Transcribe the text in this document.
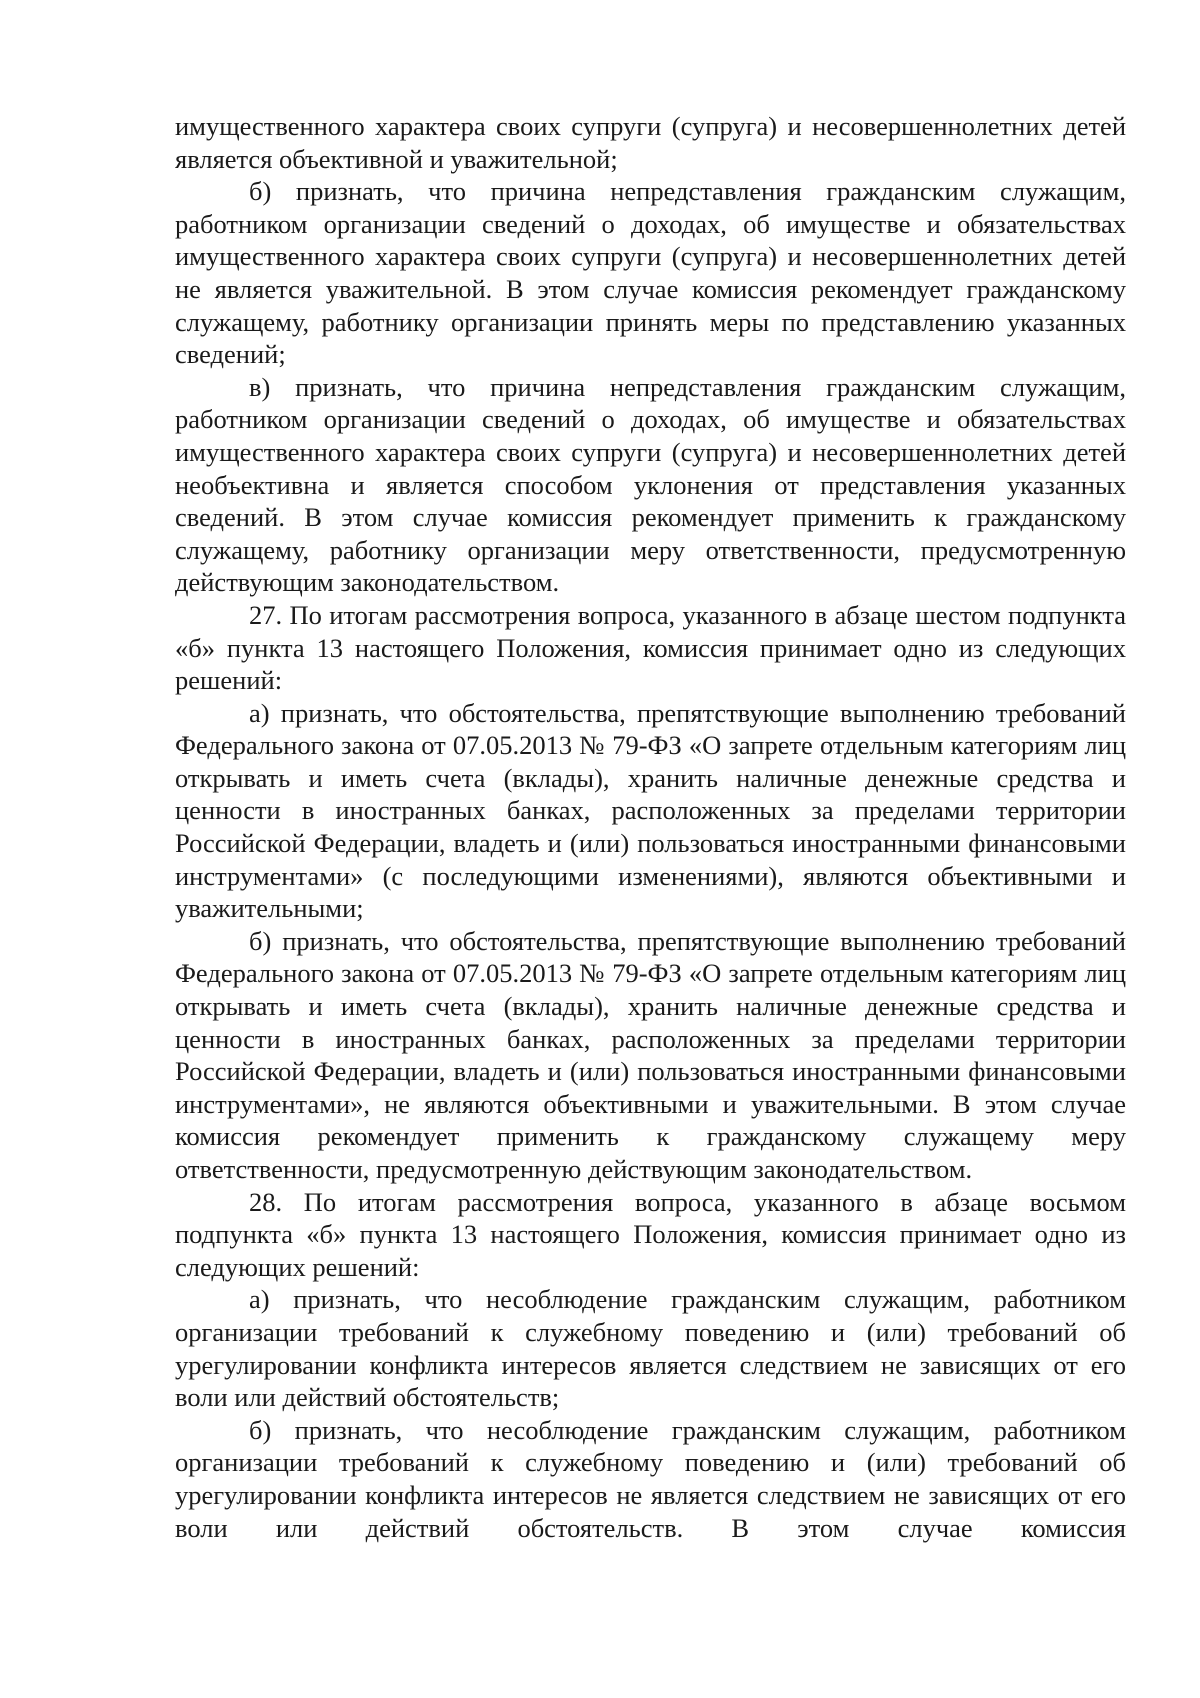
имущественного характера своих супруги (супруга) и несовершеннолетних детей является объективной и уважительной;

б) признать, что причина непредставления гражданским служащим, работником организации сведений о доходах, об имуществе и обязательствах имущественного характера своих супруги (супруга) и несовершеннолетних детей не является уважительной. В этом случае комиссия рекомендует гражданскому служащему, работнику организации принять меры по представлению указанных сведений;

в) признать, что причина непредставления гражданским служащим, работником организации сведений о доходах, об имуществе и обязательствах имущественного характера своих супруги (супруга) и несовершеннолетних детей необъективна и является способом уклонения от представления указанных сведений. В этом случае комиссия рекомендует применить к гражданскому служащему, работнику организации меру ответственности, предусмотренную действующим законодательством.

27. По итогам рассмотрения вопроса, указанного в абзаце шестом подпункта «б» пункта 13 настоящего Положения, комиссия принимает одно из следующих решений:

а) признать, что обстоятельства, препятствующие выполнению требований Федерального закона от 07.05.2013 № 79-ФЗ «О запрете отдельным категориям лиц открывать и иметь счета (вклады), хранить наличные денежные средства и ценности в иностранных банках, расположенных за пределами территории Российской Федерации, владеть и (или) пользоваться иностранными финансовыми инструментами» (с последующими изменениями), являются объективными и уважительными;

б) признать, что обстоятельства, препятствующие выполнению требований Федерального закона от 07.05.2013 № 79-ФЗ «О запрете отдельным категориям лиц открывать и иметь счета (вклады), хранить наличные денежные средства и ценности в иностранных банках, расположенных за пределами территории Российской Федерации, владеть и (или) пользоваться иностранными финансовыми инструментами», не являются объективными и уважительными. В этом случае комиссия рекомендует применить к гражданскому служащему меру ответственности, предусмотренную действующим законодательством.

28. По итогам рассмотрения вопроса, указанного в абзаце восьмом подпункта «б» пункта 13 настоящего Положения, комиссия принимает одно из следующих решений:

а) признать, что несоблюдение гражданским служащим, работником организации требований к служебному поведению и (или) требований об урегулировании конфликта интересов является следствием не зависящих от его воли или действий обстоятельств;

б) признать, что несоблюдение гражданским служащим, работником организации требований к служебному поведению и (или) требований об урегулировании конфликта интересов не является следствием не зависящих от его воли или действий обстоятельств. В этом случае комиссия
